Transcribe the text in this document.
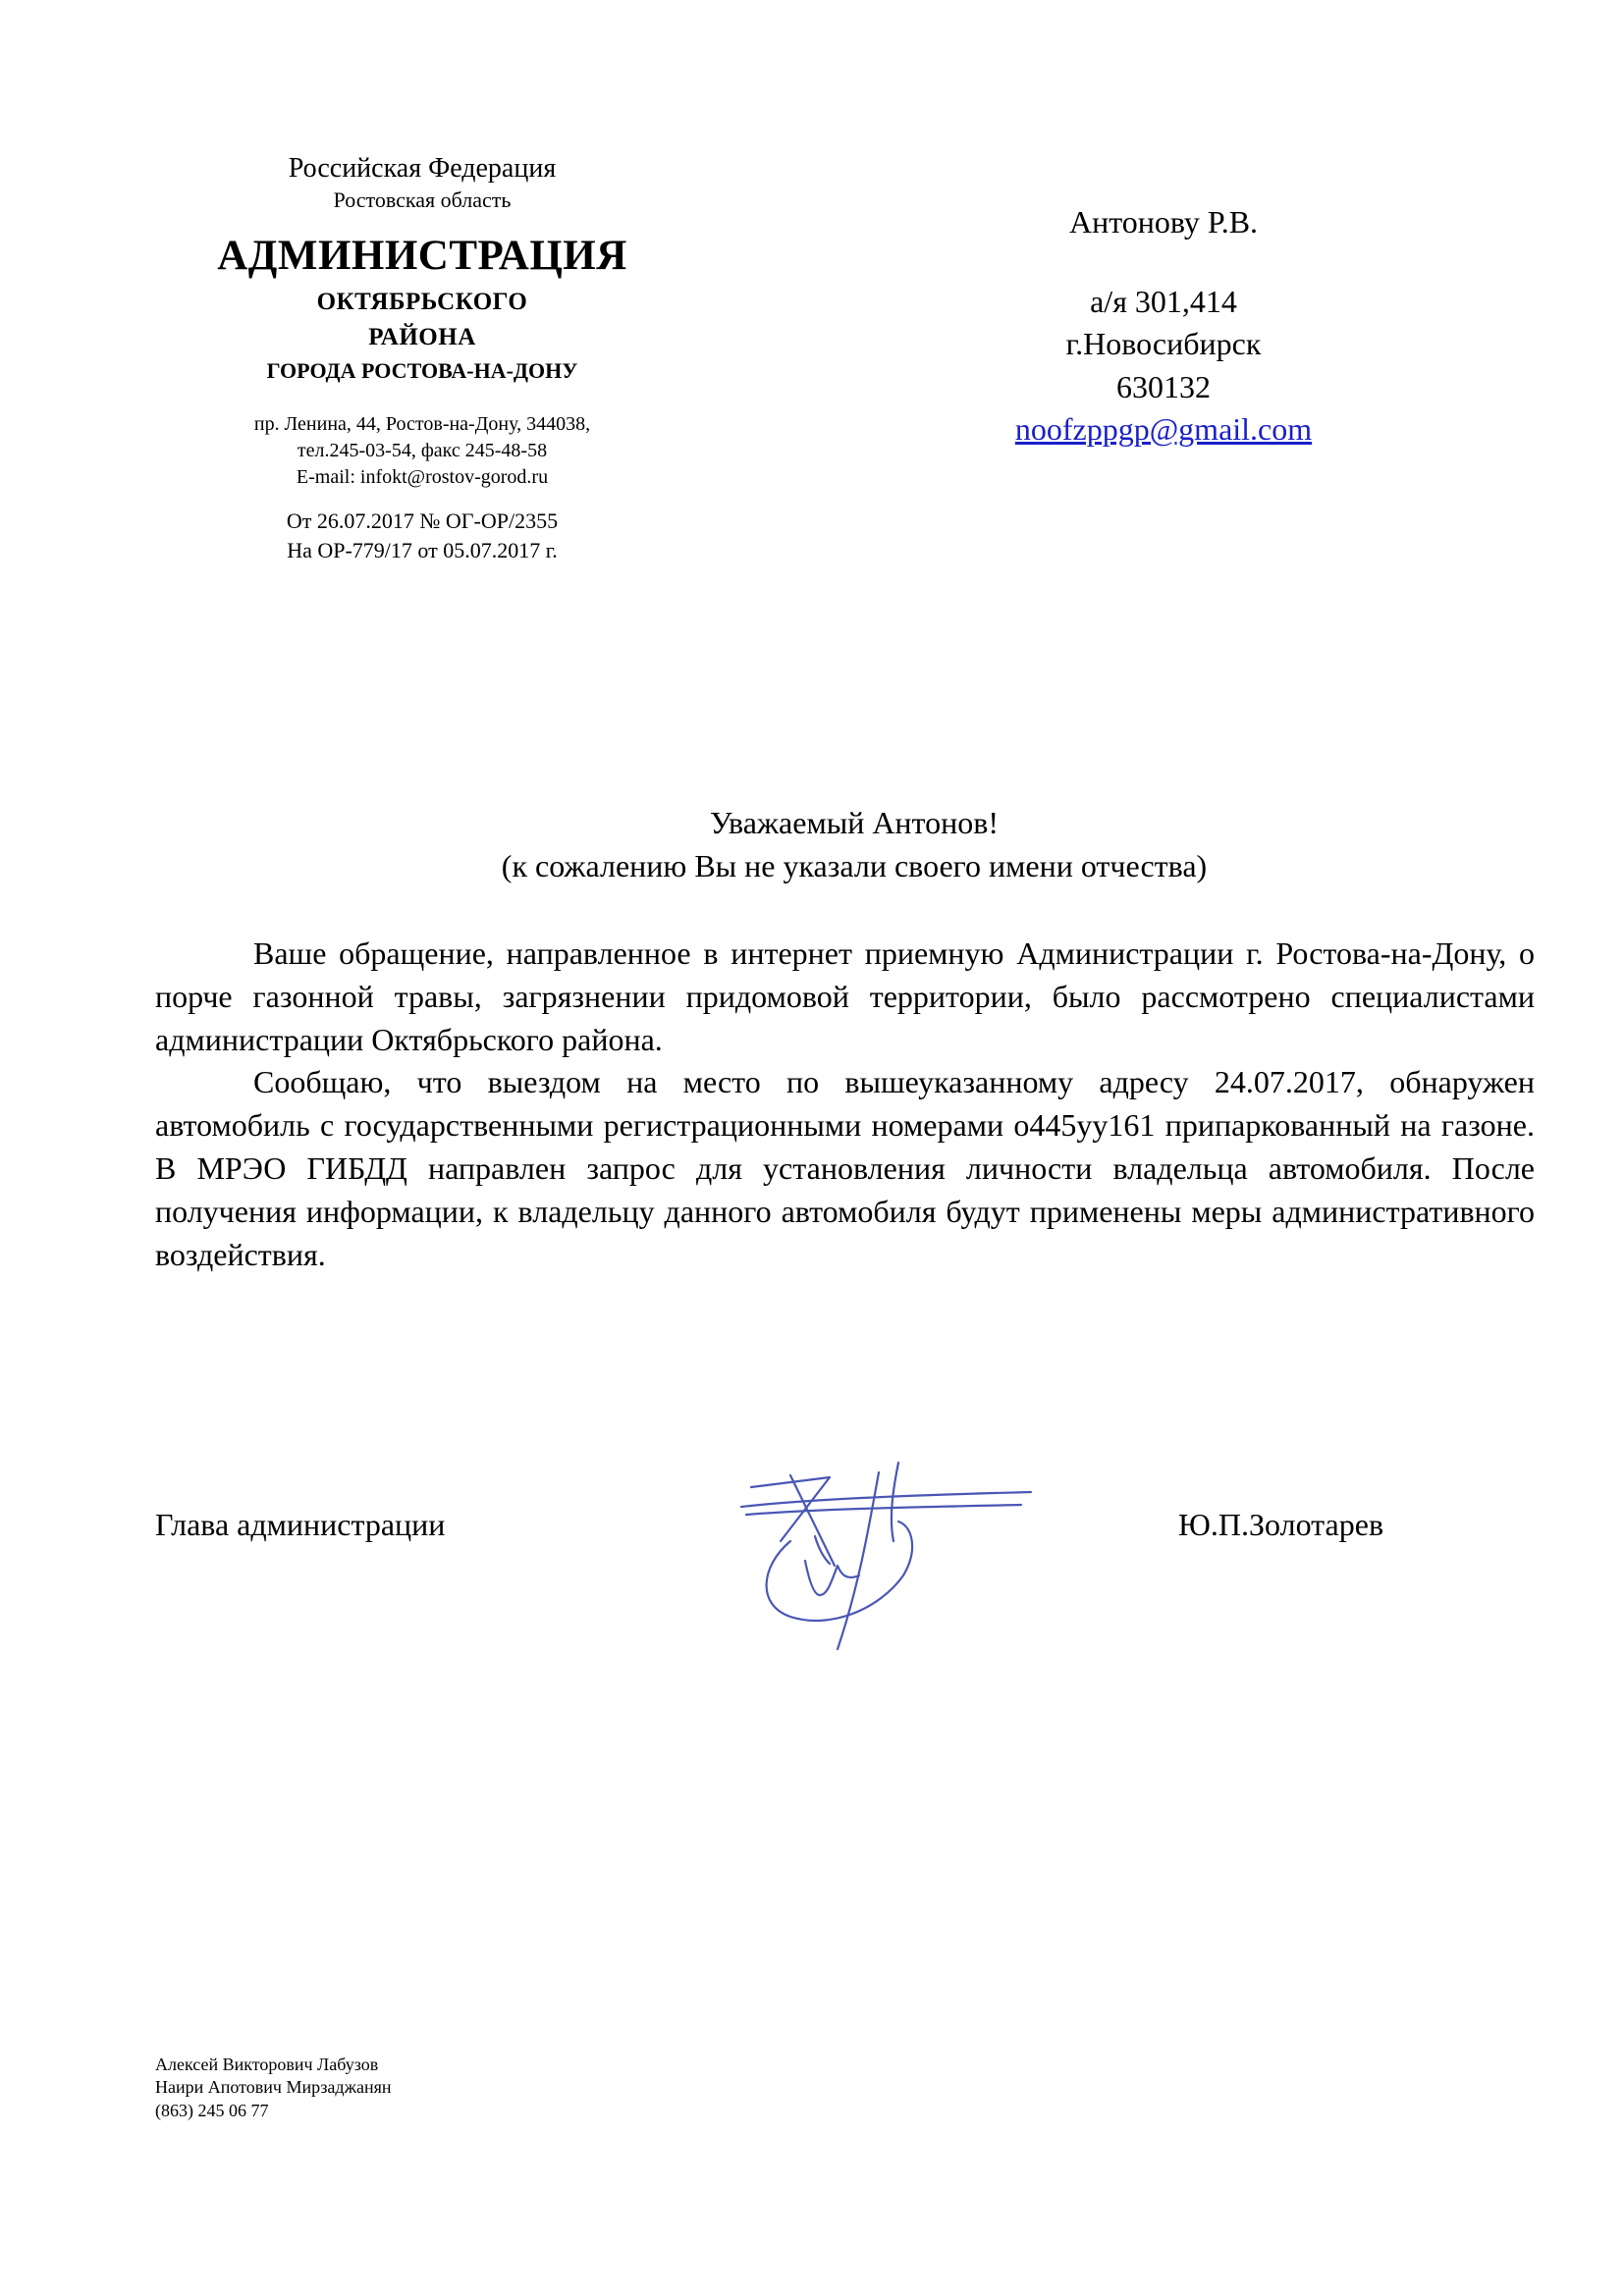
Российская Федерация
Ростовская область
АДМИНИСТРАЦИЯ
ОКТЯБРЬСКОГО
РАЙОНА
ГОРОДА РОСТОВА-НА-ДОНУ
пр. Ленина, 44, Ростов-на-Дону, 344038,
тел.245-03-54, факс 245-48-58
E-mail: infokt@rostov-gorod.ru
От 26.07.2017 № ОГ-ОР/2355
На ОР-779/17 от 05.07.2017 г.
Антонову Р.В.
а/я 301,414
г.Новосибирск
630132
noofzppgp@gmail.com
Уважаемый Антонов!
(к сожалению Вы не указали своего имени отчества)

Ваше обращение, направленное в интернет приемную Администрации г. Ростова-на-Дону, о порче газонной травы, загрязнении придомовой территории, было рассмотрено специалистами администрации Октябрьского района.

Сообщаю, что выездом на место по вышеуказанному адресу 24.07.2017, обнаружен автомобиль с государственными регистрационными номерами о445уу161 припаркованный на газоне. В МРЭО ГИБДД направлен запрос для установления личности владельца автомобиля. После получения информации, к владельцу данного автомобиля будут применены меры административного воздействия.

Глава администрации	Ю.П.Золотарев
Алексей Викторович Лабузов
Наири Апотович Мирзаджанян
(863) 245 06 77
